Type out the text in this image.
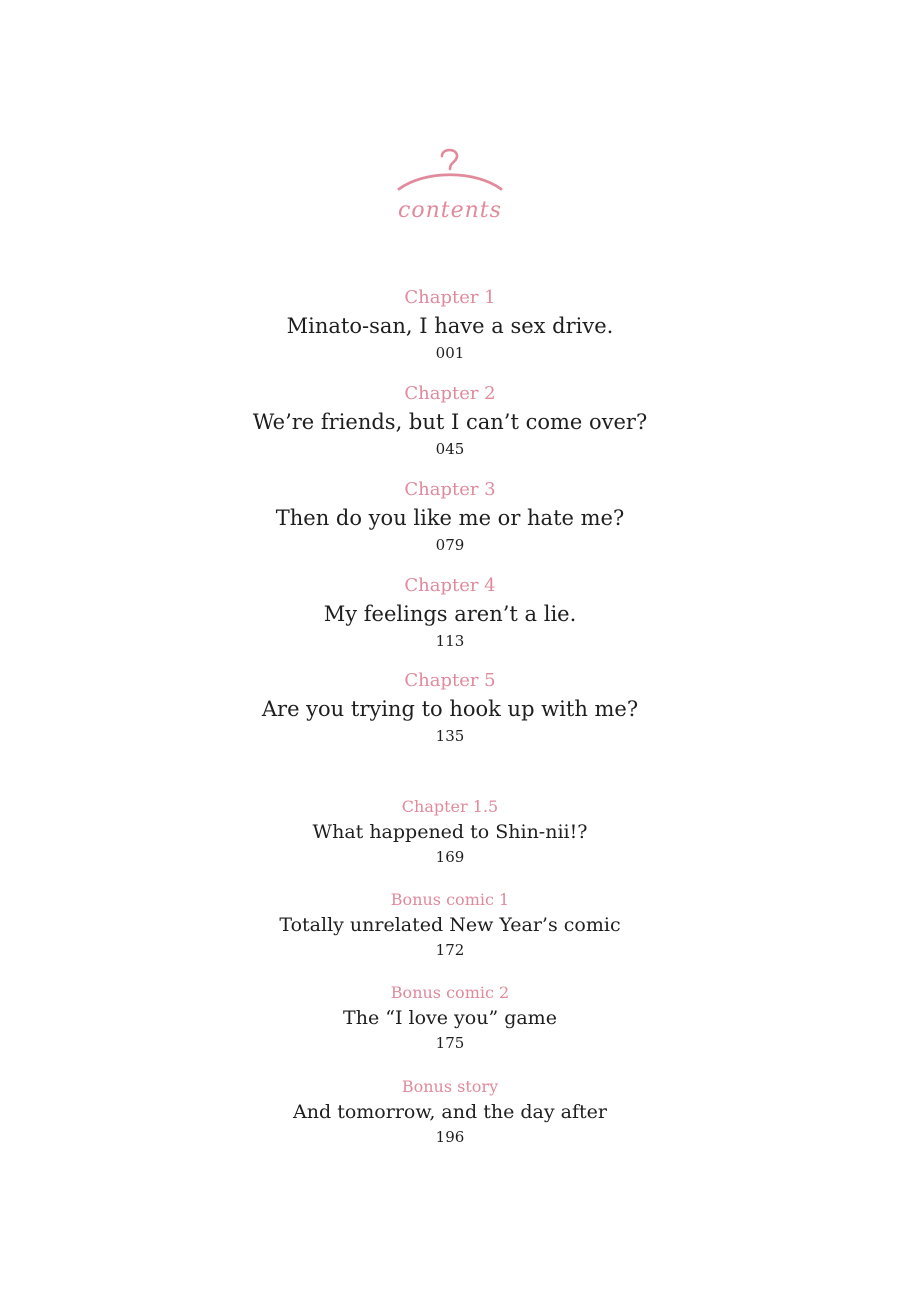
contents
Chapter 1
Minato-san, I have a sex drive.
001
Chapter 2
We’re friends, but I can’t come over?
045
Chapter 3
Then do you like me or hate me?
079
Chapter 4
My feelings aren’t a lie.
113
Chapter 5
Are you trying to hook up with me?
135
Chapter 1.5
What happened to Shin-nii!?
169
Bonus comic 1
Totally unrelated New Year’s comic
172
Bonus comic 2
The “I love you” game
175
Bonus story
And tomorrow, and the day after
196
